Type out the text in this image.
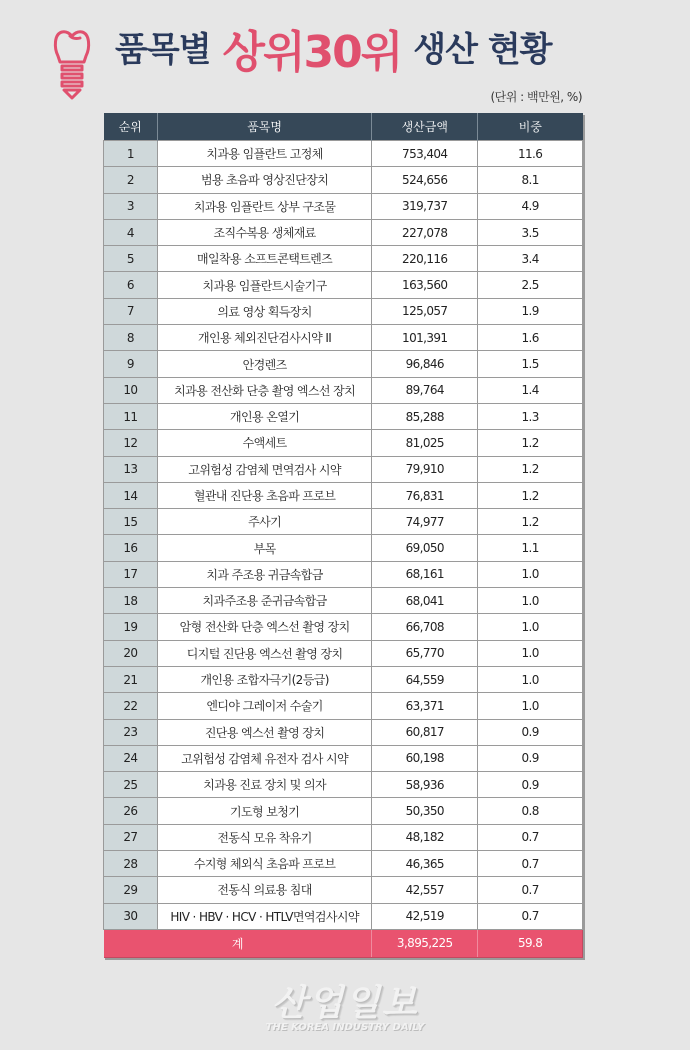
품목별 상위30위 생산 현황
(단위 : 백만원, %)
순위	품목명	생산금액	비중
1	치과용 임플란트 고정체	753,404	11.6
2	범용 초음파 영상진단장치	524,656	8.1
3	치과용 임플란트 상부 구조물	319,737	4.9
4	조직수복용 생체재료	227,078	3.5
5	매일착용 소프트콘택트렌즈	220,116	3.4
6	치과용 임플란트시술기구	163,560	2.5
7	의료 영상 획득장치	125,057	1.9
8	개인용 체외진단검사시약 II	101,391	1.6
9	안경렌즈	96,846	1.5
10	치과용 전산화 단층 촬영 엑스선 장치	89,764	1.4
11	개인용 온열기	85,288	1.3
12	수액세트	81,025	1.2
13	고위험성 감염체 면역검사 시약	79,910	1.2
14	혈관내 진단용 초음파 프로브	76,831	1.2
15	주사기	74,977	1.2
16	부목	69,050	1.1
17	치과 주조용 귀금속합금	68,161	1.0
18	치과주조용 준귀금속합금	68,041	1.0
19	암형 전산화 단층 엑스선 촬영 장치	66,708	1.0
20	디지털 진단용 엑스선 촬영 장치	65,770	1.0
21	개인용 조합자극기(2등급)	64,559	1.0
22	엔디야 그레이저 수술기	63,371	1.0
23	진단용 엑스선 촬영 장치	60,817	0.9
24	고위험성 감염체 유전자 검사 시약	60,198	0.9
25	치과용 진료 장치 및 의자	58,936	0.9
26	기도형 보청기	50,350	0.8
27	전동식 모유 착유기	48,182	0.7
28	수지형 체외식 초음파 프로브	46,365	0.7
29	전동식 의료용 침대	42,557	0.7
30	HIV · HBV · HCV · HTLV면역검사시약	42,519	0.7
계		3,895,225	59.8
산업일보
THE KOREA INDUSTRY DAILY
